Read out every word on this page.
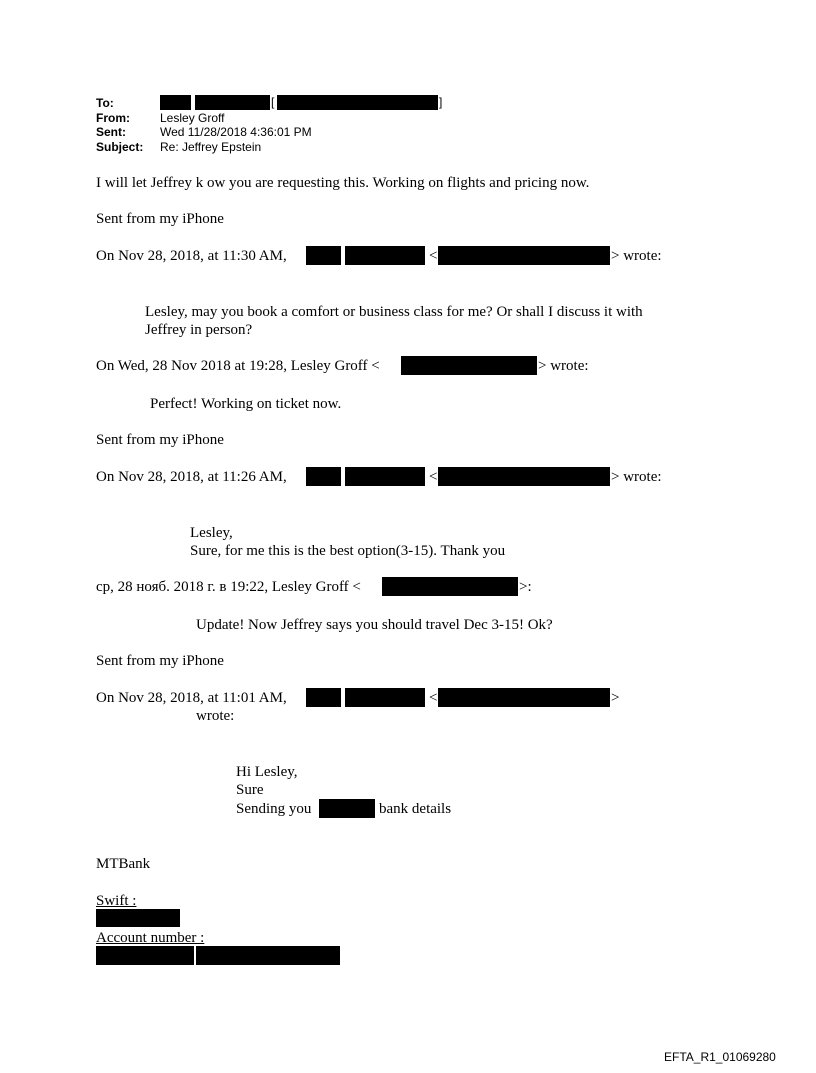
To:	[	]
From:	Lesley Groff
Sent:	Wed 11/28/2018 4:36:01 PM
Subject: Re: Jeffrey Epstein
I will let Jeffrey k ow you are requesting this. Working on flights and pricing now.
Sent from my iPhone
On Nov 28, 2018, at 11:30 AM,	<	> wrote:
Lesley, may you book a comfort or business class for me? Or shall I discuss it with
Jeffrey in person?
On Wed, 28 Nov 2018 at 19:28, Lesley Groff <	> wrote:
Perfect! Working on ticket now.
Sent from my iPhone
On Nov 28, 2018, at 11:26 AM,	<	> wrote:
Lesley,
Sure, for me this is the best option(3-15). Thank you
ср, 28 нояб. 2018 г. в 19:22, Lesley Groff <	>:
Update! Now Jeffrey says you should travel Dec 3-15! Ok?
Sent from my iPhone
On Nov 28, 2018, at 11:01 AM,	<	>
wrote:
Hi Lesley,
Sure
Sending you	bank details
MTBank
Swift :
Account number :
EFTA_R1_01069280
